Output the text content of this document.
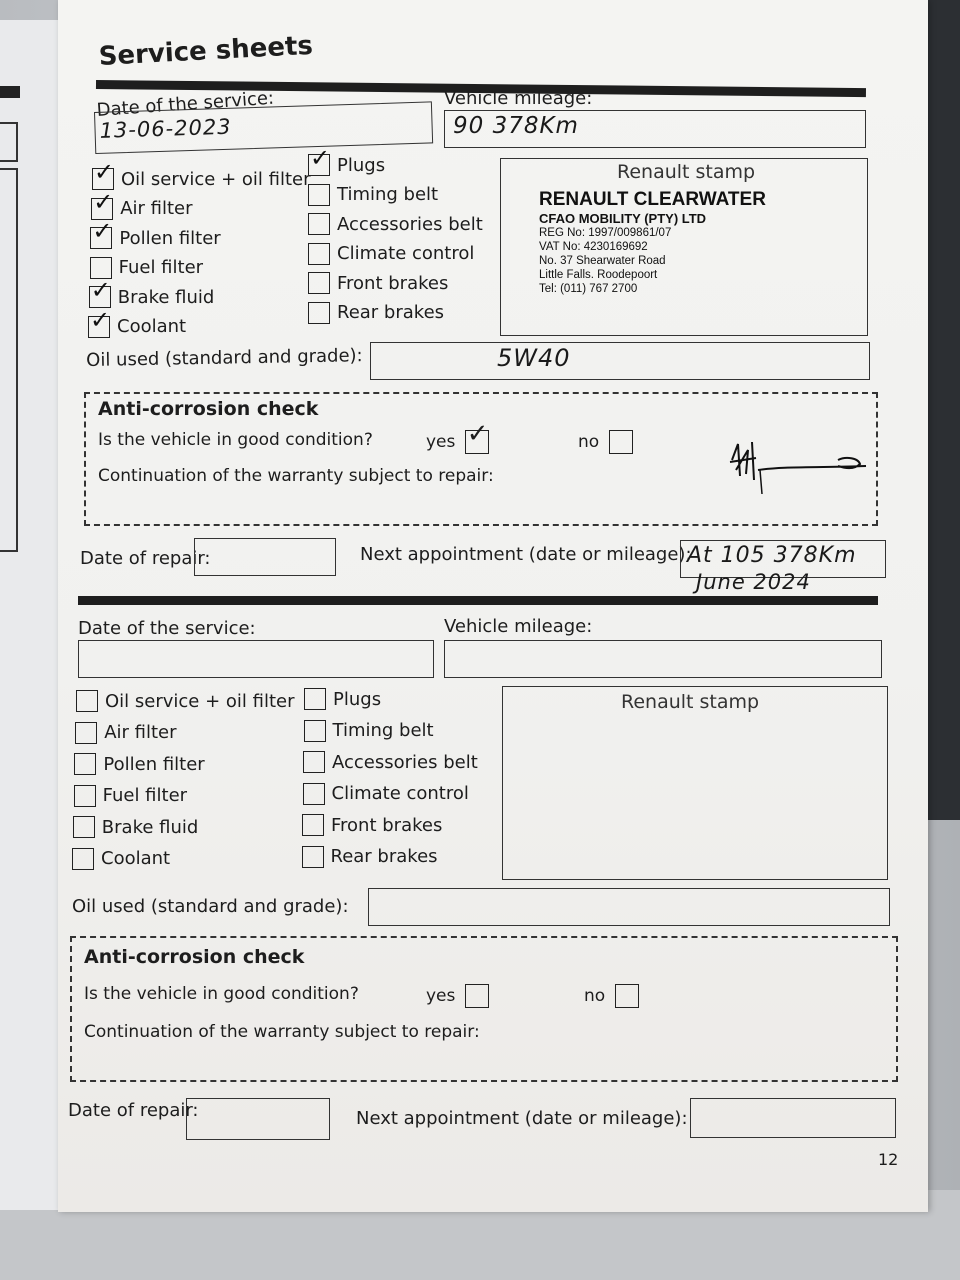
Service sheets
Date of the service:
13-06-2023
Vehicle mileage:
90 378Km
✓ Oil service + oil filter
✓ Air filter
✓ Pollen filter
Fuel filter
✓ Brake fluid
✓ Coolant
✓ Plugs
Timing belt
Accessories belt
Climate control
Front brakes
Rear brakes
Renault stamp
RENAULT CLEARWATER
CFAO MOBILITY (PTY) LTD
REG No: 1997/009861/07
VAT No: 4230169692
No. 37 Shearwater Road
Little Falls. Roodepoort
Tel: (011) 767 2700
Oil used (standard and grade):	5W40
Anti-corrosion check
Is the vehicle in good condition?	yes ✓	no
Continuation of the warranty subject to repair:
Date of repair:	Next appointment (date or mileage):
At 105 378Km
June 2024
Date of the service:	Vehicle mileage:
Oil service + oil filter
Air filter
Pollen filter
Fuel filter
Brake fluid
Coolant
Plugs
Timing belt
Accessories belt
Climate control
Front brakes
Rear brakes
Renault stamp
Oil used (standard and grade):
Anti-corrosion check
Is the vehicle in good condition?	yes	no
Continuation of the warranty subject to repair:
Date of repair:	Next appointment (date or mileage):
12
